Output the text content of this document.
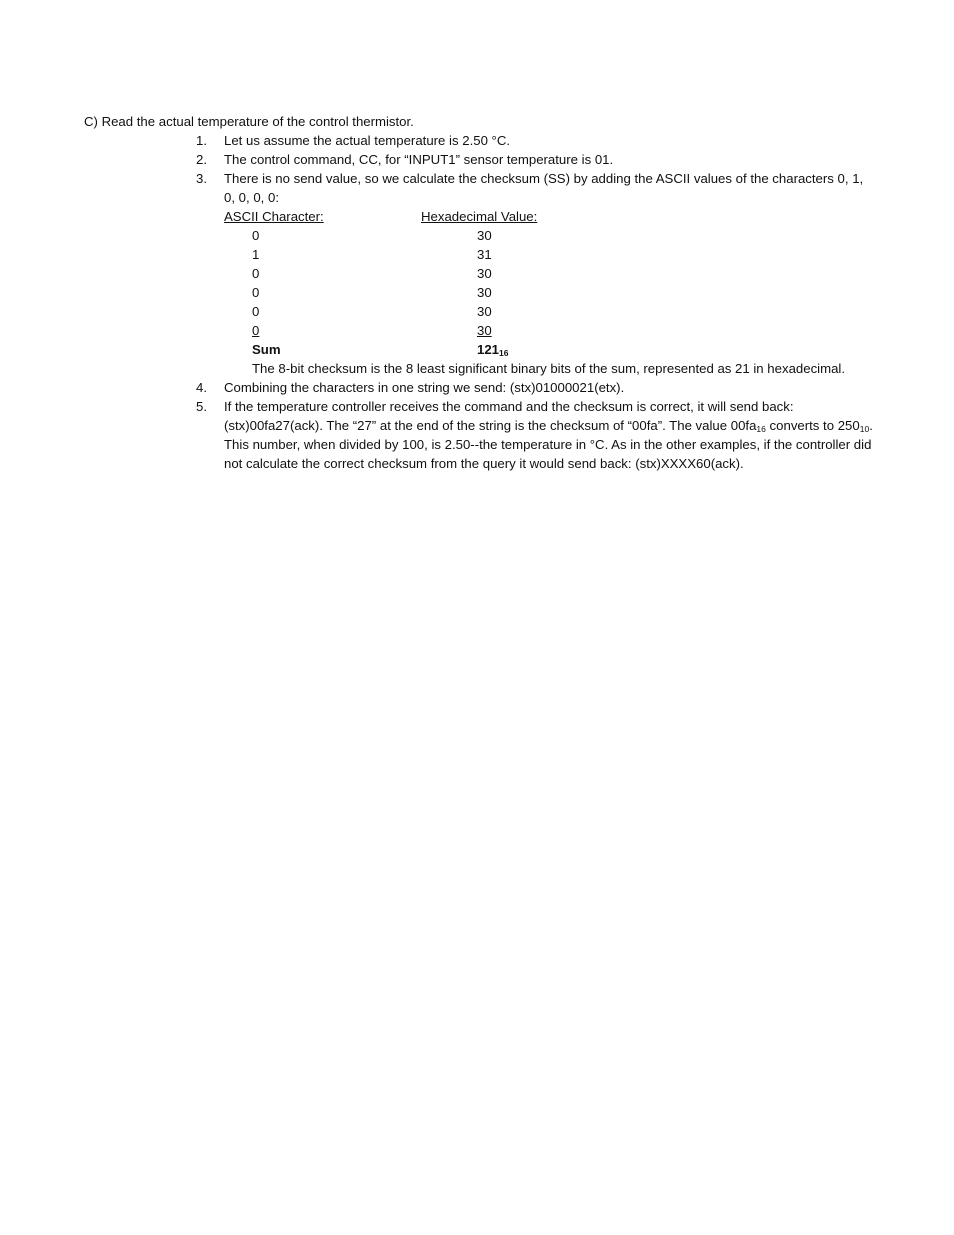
C) Read the actual temperature of the control thermistor.
1.	Let us assume the actual temperature is 2.50 °C.
2.	The control command, CC, for “INPUT1” sensor temperature is 01.
3.	There is no send value, so we calculate the checksum (SS) by adding the ASCII values of the characters 0, 1, 0, 0, 0, 0:
ASCII Character:	Hexadecimal Value:
0	30
1	31
0	30
0	30
0	30
0	30
Sum	$121_{16}$
The 8-bit checksum is the 8 least significant binary bits of the sum, represented as 21 in hexadecimal.
4.	Combining the characters in one string we send: (stx)01000021(etx).
5.	If the temperature controller receives the command and the checksum is correct, it will send back: (stx)00fa27(ack). The “27” at the end of the string is the checksum of “00fa”. The value $00fa_{16}$ converts to $250_{10}$. This number, when divided by 100, is 2.50--the temperature in °C. As in the other examples, if the controller did not calculate the correct checksum from the query it would send back: (stx)XXXX60(ack).
